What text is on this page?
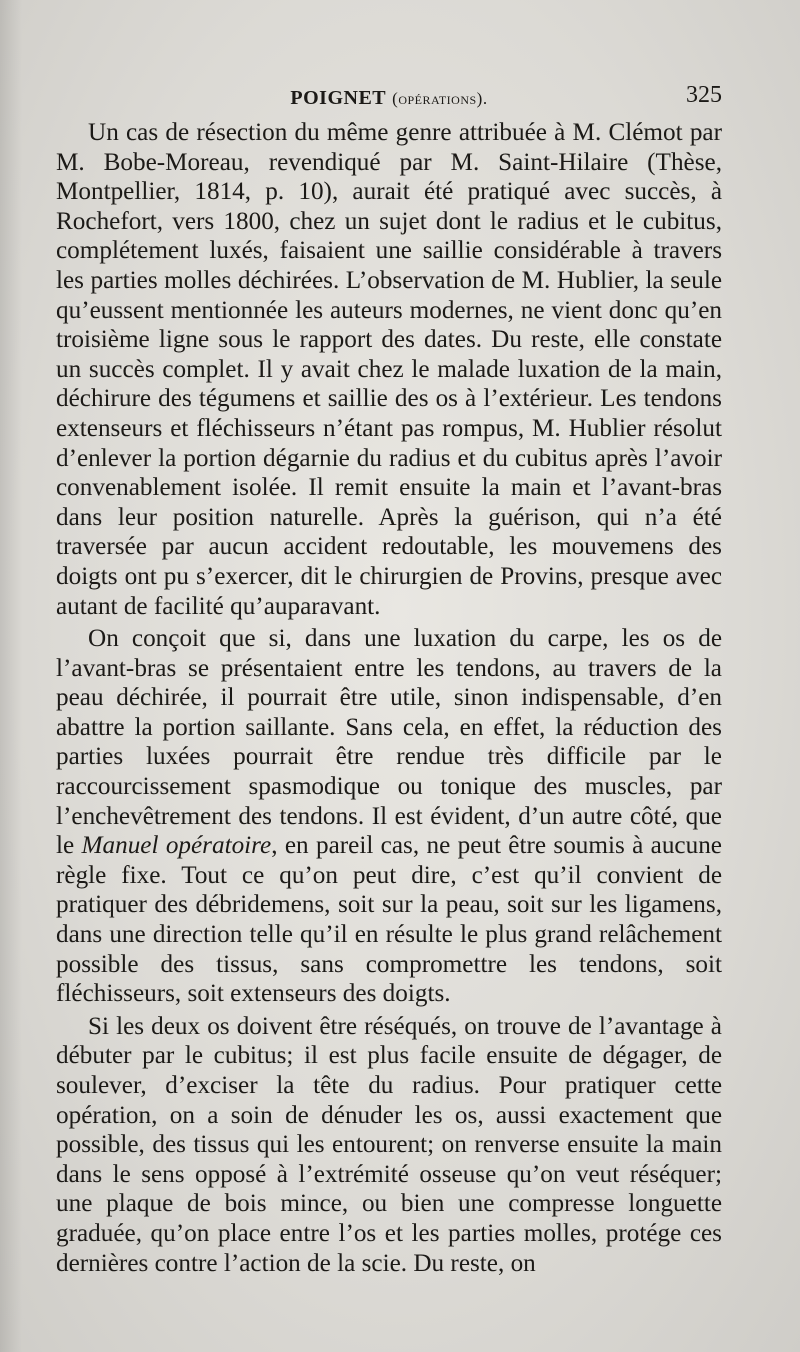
POIGNET (opérations).	325

Un cas de résection du même genre attribuée à M. Clémot par M. Bobe-Moreau, revendiqué par M. Saint-Hilaire (Thèse, Montpellier, 1814, p. 10), aurait été pratiqué avec succès, à Rochefort, vers 1800, chez un sujet dont le radius et le cubitus, complétement luxés, faisaient une saillie considérable à travers les parties molles déchirées. L’observation de M. Hublier, la seule qu’eussent mentionnée les auteurs modernes, ne vient donc qu’en troisième ligne sous le rapport des dates. Du reste, elle constate un succès complet. Il y avait chez le malade luxation de la main, déchirure des tégumens et saillie des os à l’extérieur. Les tendons extenseurs et fléchisseurs n’étant pas rompus, M. Hublier résolut d’enlever la portion dégarnie du radius et du cubitus après l’avoir convenablement isolée. Il remit ensuite la main et l’avant-bras dans leur position naturelle. Après la guérison, qui n’a été traversée par aucun accident redoutable, les mouvemens des doigts ont pu s’exercer, dit le chirurgien de Provins, presque avec autant de facilité qu’auparavant.

On conçoit que si, dans une luxation du carpe, les os de l’avant-bras se présentaient entre les tendons, au travers de la peau déchirée, il pourrait être utile, sinon indispensable, d’en abattre la portion saillante. Sans cela, en effet, la réduction des parties luxées pourrait être rendue très difficile par le raccourcissement spasmodique ou tonique des muscles, par l’enchevêtrement des tendons. Il est évident, d’un autre côté, que le Manuel opératoire, en pareil cas, ne peut être soumis à aucune règle fixe. Tout ce qu’on peut dire, c’est qu’il convient de pratiquer des débridemens, soit sur la peau, soit sur les ligamens, dans une direction telle qu’il en résulte le plus grand relâchement possible des tissus, sans compromettre les tendons, soit fléchisseurs, soit extenseurs des doigts.

Si les deux os doivent être réséqués, on trouve de l’avantage à débuter par le cubitus; il est plus facile ensuite de dégager, de soulever, d’exciser la tête du radius. Pour pratiquer cette opération, on a soin de dénuder les os, aussi exactement que possible, des tissus qui les entourent; on renverse ensuite la main dans le sens opposé à l’extrémité osseuse qu’on veut réséquer; une plaque de bois mince, ou bien une compresse longuette graduée, qu’on place entre l’os et les parties molles, protége ces dernières contre l’action de la scie. Du reste, on
